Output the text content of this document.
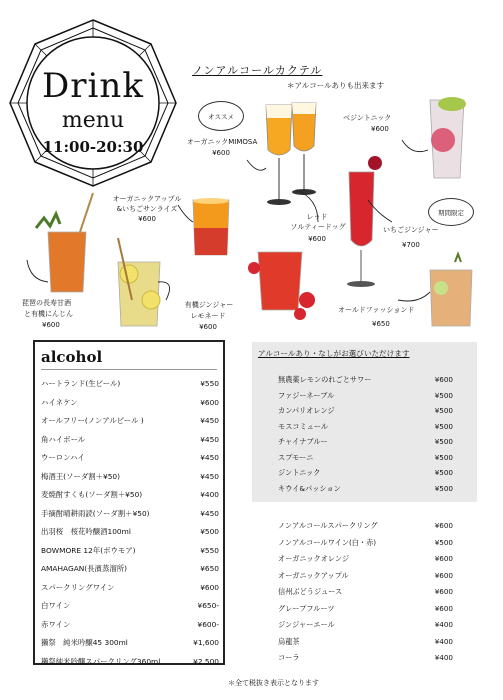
Drink
menu
11:00-20:30
ノンアルコールカクテル
＊アルコールありも出来ます
オススメ
オーガニックMIMOSA
¥600
ベジントニック
¥600
オーガニックアップル
&いちごサンライズ
¥600
期間限定
いちごジンジャー
¥700
レッド
ソルティードッグ
¥600
琵琶の長寿甘酒
と有機にんじん
¥600
有機ジンジャー
レモネード
¥600
オールドファッションド
¥650
alcohol
ハートランド(生ビール)	¥550
ハイネケン	¥600
オールフリー(ノンアルビール )	¥450
角ハイボール	¥450
ウーロンハイ	¥450
梅酒王(ソーダ割＋¥50)	¥450
麦焼酎すくも(ソーダ割＋¥50)	¥400
手摘酎晴耕雨読(ソーダ割＋¥50)	¥450
出羽桜　桜花吟醸酒100ml	¥500
BOWMORE 12年(ボウモア)	¥550
AMAHAGAN(長濱蒸溜所)	¥650
スパークリングワイン	¥600
白ワイン	¥650-
赤ワイン	¥600-
獺祭　純米吟醸45 300ml	¥1,600
獺祭純米吟醸スパークリング360ml	¥2,500
アルコールあり・なしがお選びいただけます
無農薬レモンのれごとサワー	¥600
ファジーネーブル	¥500
カンパリオレンジ	¥500
モスコミュール	¥500
チャイナブルー	¥500
スプモーニ	¥500
ジントニック	¥500
キウイ&パッション	¥500
ノンアルコールスパークリング	¥600
ノンアルコールワイン(白・赤)	¥500
オーガニックオレンジ	¥600
オーガニックアップル	¥600
信州ぶどうジュース	¥600
グレープフルーツ	¥600
ジンジャーエール	¥400
烏龍茶	¥400
コーラ	¥400
＊全て税抜き表示となります
